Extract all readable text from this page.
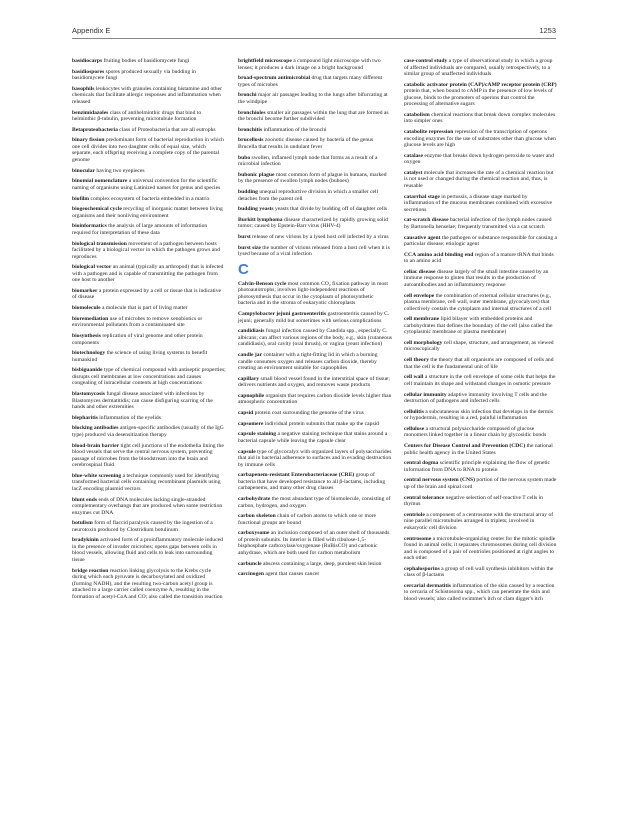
Appendix E	1253

basidiocarps fruiting bodies of basidiomycete fungi

basidiospores spores produced sexually via budding in basidiomycete fungi

basophils leukocytes with granules containing histamine and other chemicals that facilitate allergic responses and inflammation when released

benzimidazoles class of antihelminthic drugs that bind to helminthic β-tubulin, preventing microtubule formation

Betaproteobacteria class of Proteobacteria that are all eutrophs

binary fission predominant form of bacterial reproduction in which one cell divides into two daughter cells of equal size, which separate, each offspring receiving a complete copy of the parental genome

binocular having two eyepieces

binomial nomenclature a universal convention for the scientific naming of organisms using Latinized names for genus and species

biofilm complex ecosystem of bacteria embedded in a matrix

biogeochemical cycle recycling of inorganic matter between living organisms and their nonliving environment

bioinformatics the analysis of large amounts of information required for interpretation of these data

biological transmission movement of a pathogen between hosts facilitated by a biological vector in which the pathogen grows and reproduces

biological vector an animal (typically an arthropod) that is infected with a pathogen and is capable of transmitting the pathogen from one host to another

biomarker a protein expressed by a cell or tissue that is indicative of disease

biomolecule a molecule that is part of living matter

bioremediation use of microbes to remove xenobiotics or environmental pollutants from a contaminated site

biosynthesis replication of viral genome and other protein components

biotechnology the science of using living systems to benefit humankind

bisbiguanide type of chemical compound with antiseptic properties; disrupts cell membranes at low concentrations and causes congealing of intracellular contents at high concentrations

blastomycosis fungal disease associated with infections by Blastomyces dermatitidis; can cause disfiguring scarring of the hands and other extremities

blepharitis inflammation of the eyelids

blocking antibodies antigen-specific antibodies (usually of the IgG type) produced via desensitization therapy

blood-brain barrier tight cell junctions of the endothelia lining the blood vessels that serve the central nervous system, preventing passage of microbes from the bloodstream into the brain and cerebrospinal fluid

blue-white screening a technique commonly used for identifying transformed bacterial cells containing recombinant plasmids using lacZ encoding plasmid vectors

blunt ends ends of DNA molecules lacking single-stranded complementary overhangs that are produced when some restriction enzymes cut DNA

botulism form of flaccid paralysis caused by the ingestion of a neurotoxin produced by Clostridium botulinum

bradykinin activated form of a proinflammatory molecule induced in the presence of invader microbes; opens gaps between cells in blood vessels, allowing fluid and cells to leak into surrounding tissue

bridge reaction reaction linking glycolysis to the Krebs cycle during which each pyruvate is decarboxylated and oxidized (forming NADH), and the resulting two-carbon acetyl group is attached to a large carrier called coenzyme A, resulting in the formation of acetyl-CoA and CO; also called the transition reaction

brightfield microscope a compound light microscope with two lenses; it produces a dark image on a bright background

broad-spectrum antimicrobial drug that targets many different types of microbes

bronchi major air passages leading to the lungs after bifurcating at the windpipe

bronchioles smaller air passages within the lung that are formed as the bronchi become further subdivided

bronchitis inflammation of the bronchi

brucellosis zoonotic disease caused by bacteria of the genus Brucella that results in undulant fever

bubo swollen, inflamed lymph node that forms as a result of a microbial infection

bubonic plague most common form of plague in humans, marked by the presence of swollen lymph nodes (buboes)

budding unequal reproductive division in which a smaller cell detaches from the parent cell

budding yeasts yeasts that divide by budding off of daughter cells

Burkitt lymphoma disease characterized by rapidly growing solid tumor; caused by Epstein-Barr virus (HHV-4)

burst release of new virions by a lysed host cell infected by a virus

burst size the number of virions released from a host cell when it is lysed because of a viral infection

C

Calvin-Benson cycle most common CO₂ fixation pathway in most photoautotrophs; involves light-independent reactions of photosynthesis that occur in the cytoplasm of photosynthetic bacteria and in the stroma of eukaryotic chloroplasts

Campylobacter jejuni gastroenteritis gastroenteritis caused by C. jejuni; generally mild but sometimes with serious complications

candidiasis fungal infection caused by Candida spp., especially C. albicans; can affect various regions of the body, e.g., skin (cutaneous candidiasis), oral cavity (oral thrush), or vagina (yeast infection)

candle jar container with a tight-fitting lid in which a burning candle consumes oxygen and releases carbon dioxide, thereby creating an environment suitable for capnophiles

capillary small blood vessel found in the interstitial space of tissue; delivers nutrients and oxygen, and removes waste products

capnophile organism that requires carbon dioxide levels higher than atmospheric concentration

capsid protein coat surrounding the genome of the virus

capsomere individual protein subunits that make up the capsid

capsule staining a negative staining technique that stains around a bacterial capsule while leaving the capsule clear

capsule type of glycocalyx with organized layers of polysaccharides that aid in bacterial adherence to surfaces and in evading destruction by immune cells

carbapenem-resistant Enterobacteriaceae (CRE) group of bacteria that have developed resistance to all β-lactams, including carbapenems, and many other drug classes

carbohydrate the most abundant type of biomolecule, consisting of carbon, hydrogen, and oxygen

carbon skeleton chain of carbon atoms to which one or more functional groups are bound

carboxysome an inclusion composed of an outer shell of thousands of protein subunits. Its interior is filled with ribulose-1,5-bisphosphate carboxylase/oxygenase (RuBisCO) and carbonic anhydrase, which are both used for carbon metabolism

carbuncle abscess containing a large, deep, purulent skin lesion

carcinogen agent that causes cancer

case-control study a type of observational study in which a group of affected individuals are compared, usually retrospectively, to a similar group of unaffected individuals

catabolic activator protein (CAP)/cAMP receptor protein (CRP) protein that, when bound to cAMP in the presence of low levels of glucose, binds to the promoters of operons that control the processing of alternative sugars

catabolism chemical reactions that break down complex molecules into simpler ones

catabolite repression repression of the transcription of operons encoding enzymes for the use of substrates other than glucose when glucose levels are high

catalase enzyme that breaks down hydrogen peroxide to water and oxygen

catalyst molecule that increases the rate of a chemical reaction but is not used or changed during the chemical reaction and, thus, is reusable

catarrhal stage in pertussis, a disease stage marked by inflammation of the mucous membranes combined with excessive secretions

cat-scratch disease bacterial infection of the lymph nodes caused by Bartonella henselae; frequently transmitted via a cat scratch

causative agent the pathogen or substance responsible for causing a particular disease; etiologic agent

CCA amino acid binding end region of a mature tRNA that binds to an amino acid

celiac disease disease largely of the small intestine caused by an immune response to gluten that results in the production of autoantibodies and an inflammatory response

cell envelope the combination of external cellular structures (e.g., plasma membrane, cell wall, outer membrane, glycocalyces) that collectively contain the cytoplasm and internal structures of a cell

cell membrane lipid bilayer with embedded proteins and carbohydrates that defines the boundary of the cell (also called the cytoplasmic membrane or plasma membrane)

cell morphology cell shape, structure, and arrangement, as viewed microscopically

cell theory the theory that all organisms are composed of cells and that the cell is the fundamental unit of life

cell wall a structure in the cell envelope of some cells that helps the cell maintain its shape and withstand changes in osmotic pressure

cellular immunity adaptive immunity involving T cells and the destruction of pathogens and infected cells

cellulitis a subcutaneous skin infection that develops in the dermis or hypodermis, resulting in a red, painful inflammation

cellulose a structural polysaccharide composed of glucose monomers linked together in a linear chain by glycosidic bonds

Centers for Disease Control and Prevention (CDC) the national public health agency in the United States

central dogma scientific principle explaining the flow of genetic information from DNA to RNA to protein

central nervous system (CNS) portion of the nervous system made up of the brain and spinal cord

central tolerance negative selection of self-reactive T cells in thymus

centriole a component of a centrosome with the structural array of nine parallel microtubules arranged in triplets; involved in eukaryotic cell division

centrosome a microtubule-organizing center for the mitotic spindle found in animal cells; it separates chromosomes during cell division and is composed of a pair of centrioles positioned at right angles to each other

cephalosporins a group of cell wall synthesis inhibitors within the class of β-lactams

cercarial dermatitis inflammation of the skin caused by a reaction to cercaria of Schistosoma spp., which can penetrate the skin and blood vessels; also called swimmer's itch or clam digger's itch
